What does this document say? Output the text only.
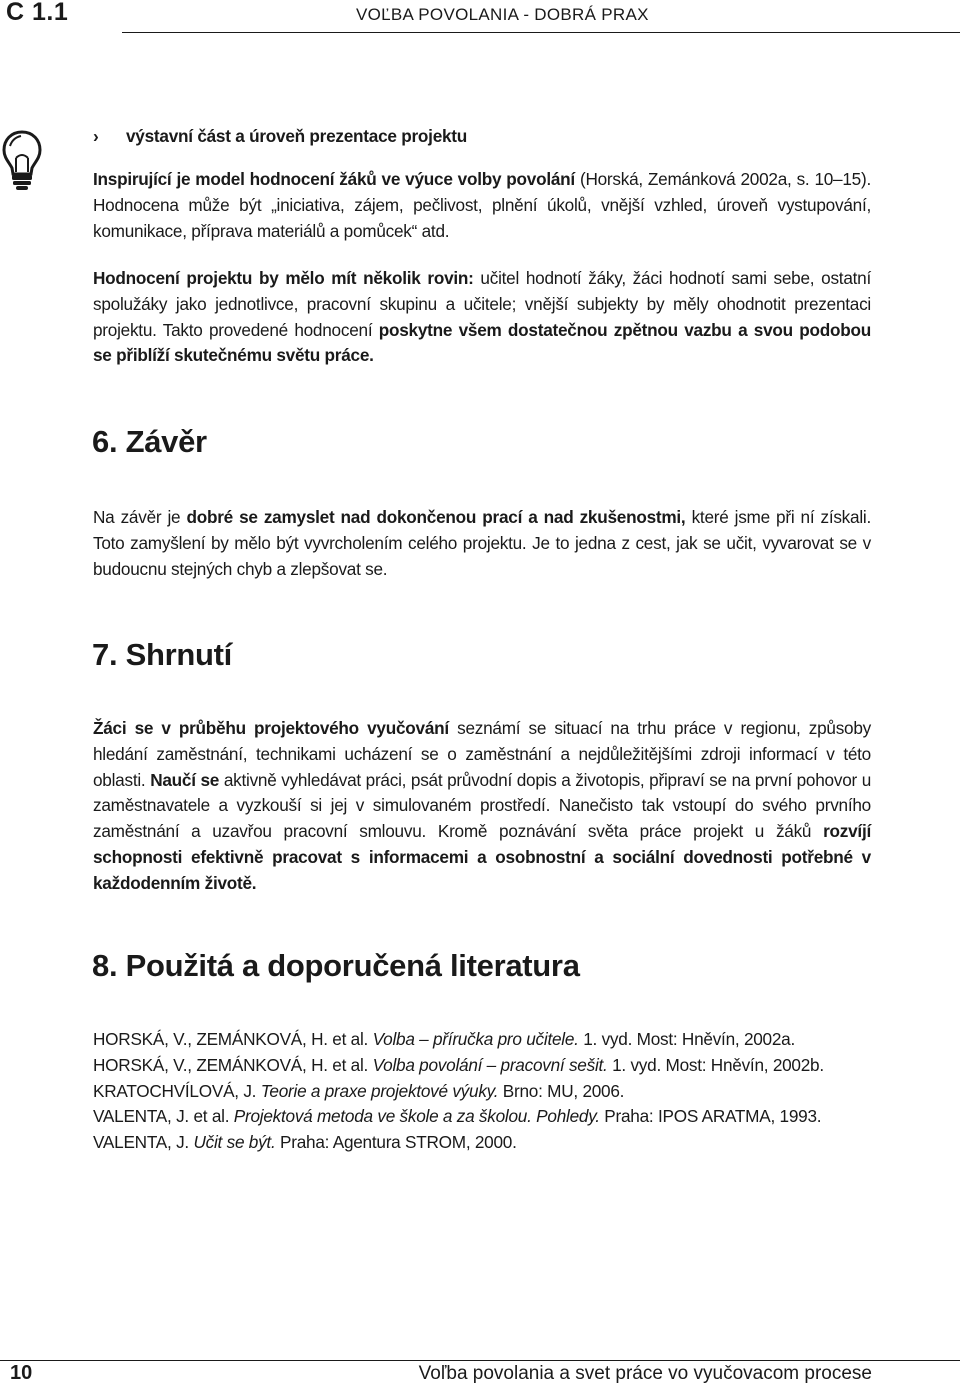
C 1.1	VOĽBA POVOLANIA - DOBRÁ PRAX
› výstavní část a úroveň prezentace projektu

Inspirující je model hodnocení žáků ve výuce volby povolání (Horská, Zemánková 2002a, s. 10–15). Hodnocena může být „iniciativa, zájem, pečlivost, plnění úkolů, vnější vzhled, úroveň vystupování, komunikace, příprava materiálů a pomůcek“ atd.

Hodnocení projektu by mělo mít několik rovin: učitel hodnotí žáky, žáci hodnotí sami sebe, ostatní spolužáky jako jednotlivce, pracovní skupinu a učitele; vnější subjekty by měly ohodnotit prezentaci projektu. Takto provedené hodnocení poskytne všem dostatečnou zpětnou vazbu a svou podobou se přiblíží skutečnému světu práce.

6. Závěr

Na závěr je dobré se zamyslet nad dokončenou prací a nad zkušenostmi, které jsme při ní získali. Toto zamyšlení by mělo být vyvrcholením celého projektu. Je to jedna z cest, jak se učit, vyvarovat se v budoucnu stejných chyb a zlepšovat se.

7. Shrnutí

Žáci se v průběhu projektového vyučování seznámí se situací na trhu práce v regionu, způsoby hledání zaměstnání, technikami ucházení se o zaměstnání a nejdůležitějšími zdroji informací v této oblasti. Naučí se aktivně vyhledávat práci, psát průvodní dopis a životopis, připraví se na první pohovor u zaměstnavatele a vyzkouší si jej v simulovaném prostředí. Nanečisto tak vstoupí do svého prvního zaměstnání a uzavřou pracovní smlouvu. Kromě poznávání světa práce projekt u žáků rozvíjí schopnosti efektivně pracovat s informacemi a osobnostní a sociální dovednosti potřebné v každodenním životě.

8. Použitá a doporučená literatura
HORSKÁ, V., ZEMÁNKOVÁ, H. et al. Volba – příručka pro učitele. 1. vyd. Most: Hněvín, 2002a.
HORSKÁ, V., ZEMÁNKOVÁ, H. et al. Volba povolání – pracovní sešit. 1. vyd. Most: Hněvín, 2002b.
KRATOCHVÍLOVÁ, J. Teorie a praxe projektové výuky. Brno: MU, 2006.
VALENTA, J. et al. Projektová metoda ve škole a za školou. Pohledy. Praha: IPOS ARATMA, 1993.
VALENTA, J. Učit se být. Praha: Agentura STROM, 2000.
10	Voľba povolania a svet práce vo vyučovacom procese
